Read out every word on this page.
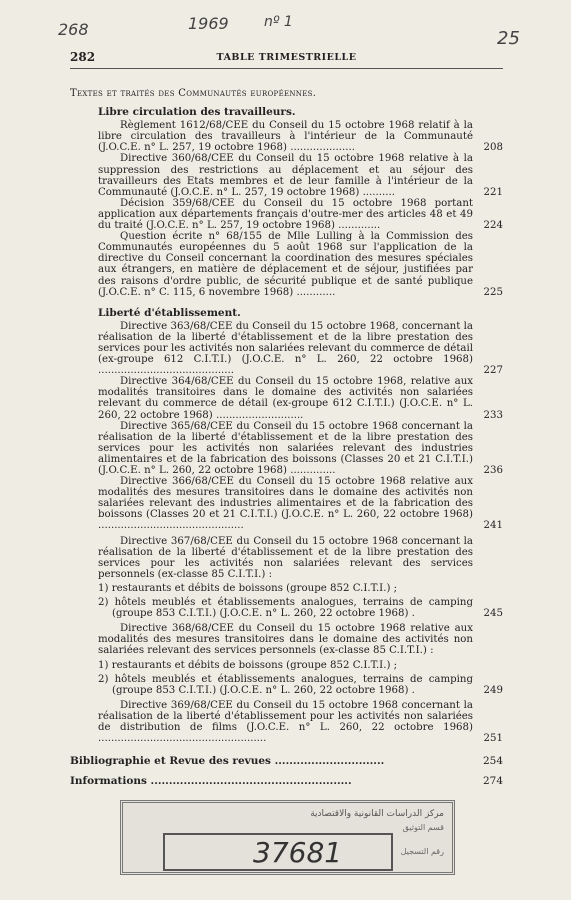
268	1969	nº 1
25
282	TABLE TRIMESTRIELLE
Textes et traités des Communautés européennes.
Libre circulation des travailleurs.
Règlement 1612/68/CEE du Conseil du 15 octobre 1968 relatif à la libre circulation des travailleurs à l'intérieur de la Communauté (J.O.C.E. n° L. 257, 19 octobre 1968) ....................	208
Directive 360/68/CEE du Conseil du 15 octobre 1968 relative à la suppression des restrictions au déplacement et au séjour des travailleurs des Etats membres et de leur famille à l'intérieur de la Communauté (J.O.C.E. n° L. 257, 19 octobre 1968) ..........	221
Décision 359/68/CEE du Conseil du 15 octobre 1968 portant application aux départements français d'outre-mer des articles 48 et 49 du traité (J.O.C.E. n° L. 257, 19 octobre 1968) .............	224
Question écrite n° 68/155 de Mlle Lulling à la Commission des Communautés européennes du 5 août 1968 sur l'application de la directive du Conseil concernant la coordination des mesures spéciales aux étrangers, en matière de déplacement et de séjour, justifiées par des raisons d'ordre public, de sécurité publique et de santé publique (J.O.C.E. n° C. 115, 6 novembre 1968) ............	225
Liberté d'établissement.
Directive 363/68/CEE du Conseil du 15 octobre 1968, concernant la réalisation de la liberté d'établissement et de la libre prestation des services pour les activités non salariées relevant du commerce de détail (ex-groupe 612 C.I.T.I.) (J.O.C.E. n° L. 260, 22 octobre 1968) ..........................................	227
Directive 364/68/CEE du Conseil du 15 octobre 1968, relative aux modalités transitoires dans le domaine des activités non salariées relevant du commerce de détail (ex-groupe 612 C.I.T.I.) (J.O.C.E. n° L. 260, 22 octobre 1968) ...........................	233
Directive 365/68/CEE du Conseil du 15 octobre 1968 concernant la réalisation de la liberté d'établissement et de la libre prestation des services pour les activités non salariées relevant des industries alimentaires et de la fabrication des boissons (Classes 20 et 21 C.I.T.I.) (J.O.C.E. n° L. 260, 22 octobre 1968) ..............	236
Directive 366/68/CEE du Conseil du 15 octobre 1968 relative aux modalités des mesures transitoires dans le domaine des activités non salariées relevant des industries alimentaires et de la fabrication des boissons (Classes 20 et 21 C.I.T.I.) (J.O.C.E. n° L. 260, 22 octobre 1968) .............................................	241
Directive 367/68/CEE du Conseil du 15 octobre 1968 concernant la réalisation de la liberté d'établissement et de la libre prestation des services pour les activités non salariées relevant des services personnels (ex-classe 85 C.I.T.I.) :
1) restaurants et débits de boissons (groupe 852 C.I.T.I.) ;
2) hôtels meublés et établissements analogues, terrains de camping (groupe 853 C.I.T.I.) (J.O.C.E. n° L. 260, 22 octobre 1968) .	245
Directive 368/68/CEE du Conseil du 15 octobre 1968 relative aux modalités des mesures transitoires dans le domaine des activités non salariées relevant des services personnels (ex-classe 85 C.I.T.I.) :
1) restaurants et débits de boissons (groupe 852 C.I.T.I.) ;
2) hôtels meublés et établissements analogues, terrains de camping (groupe 853 C.I.T.I.) (J.O.C.E. n° L. 260, 22 octobre 1968) .	249
Directive 369/68/CEE du Conseil du 15 octobre 1968 concernant la réalisation de la liberté d'établissement pour les activités non salariées de distribution de films (J.O.C.E. n° L. 260, 22 octobre 1968) ....................................................	251
Bibliographie et Revue des revues ..............................	254
Informations .......................................................	274
مركز الدراسات القانونية والاقتصادية
قسم التوثيق
37681	رقم التسجيل
